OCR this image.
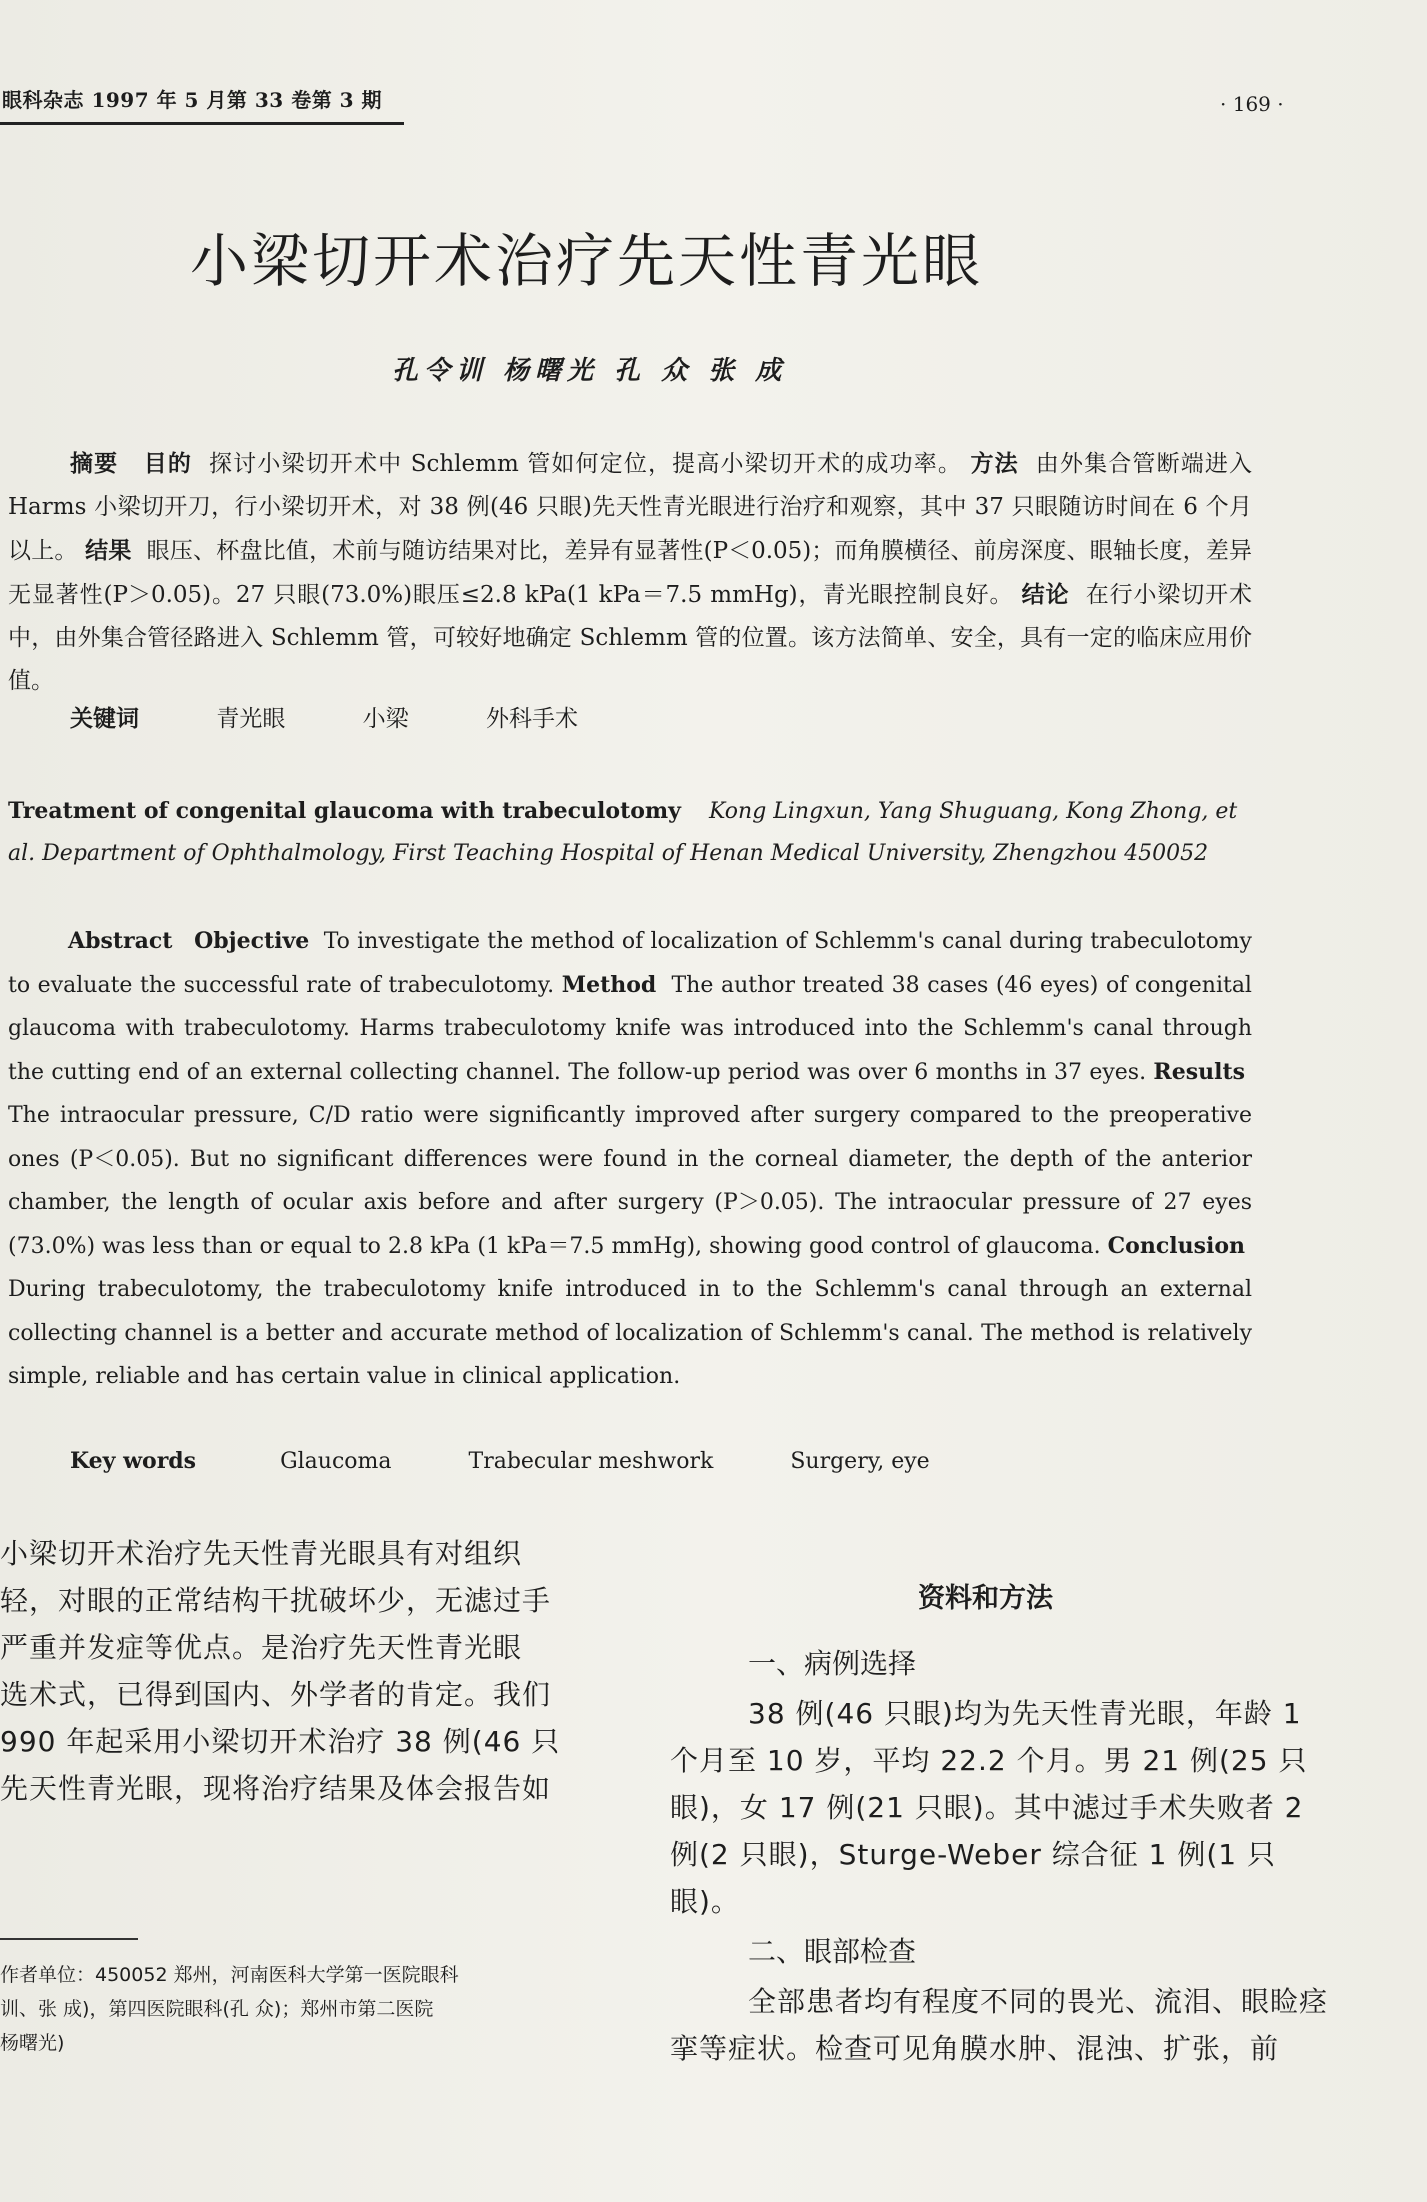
眼科杂志 1997 年 5 月第 33 卷第 3 期	· 169 ·
小梁切开术治疗先天性青光眼
孔令训 杨曙光 孔 众 张 成
摘要 目的 探讨小梁切开术中 Schlemm 管如何定位，提高小梁切开术的成功率。 方法 由外集合管断端进入 Harms 小梁切开刀，行小梁切开术，对 38 例(46 只眼)先天性青光眼进行治疗和观察，其中 37 只眼随访时间在 6 个月以上。 结果 眼压、杯盘比值，术前与随访结果对比，差异有显著性(P＜0.05)；而角膜横径、前房深度、眼轴长度，差异无显著性(P＞0.05)。27 只眼(73.0%)眼压≤2.8 kPa(1 kPa＝7.5 mmHg)，青光眼控制良好。 结论 在行小梁切开术中，由外集合管径路进入 Schlemm 管，可较好地确定 Schlemm 管的位置。该方法简单、安全，具有一定的临床应用价值。
关键词	青光眼	小梁	外科手术
Treatment of congenital glaucoma with trabeculotomy Kong Lingxun, Yang Shuguang, Kong Zhong, et al. Department of Ophthalmology, First Teaching Hospital of Henan Medical University, Zhengzhou 450052
Abstract Objective To investigate the method of localization of Schlemm's canal during trabeculotomy to evaluate the successful rate of trabeculotomy. Method The author treated 38 cases (46 eyes) of congenital glaucoma with trabeculotomy. Harms trabeculotomy knife was introduced into the Schlemm's canal through the cutting end of an external collecting channel. The follow-up period was over 6 months in 37 eyes. Results  The intraocular pressure, C/D ratio were significantly improved after surgery compared to the preoperative ones (P＜0.05). But no significant differences were found in the corneal diameter, the depth of the anterior chamber, the length of ocular axis before and after surgery (P＞0.05). The intraocular pressure of 27 eyes (73.0%) was less than or equal to 2.8 kPa (1 kPa＝7.5 mmHg), showing good control of glaucoma. Conclusion  During trabeculotomy, the trabeculotomy knife introduced in to the Schlemm's canal through an external collecting channel is a better and accurate method of localization of Schlemm's canal. The method is relatively simple, reliable and has certain value in clinical application.
Key words	Glaucoma	Trabecular meshwork	Surgery, eye

小梁切开术治疗先天性青光眼具有对组织

轻，对眼的正常结构干扰破坏少，无滤过手

严重并发症等优点。是治疗先天性青光眼

选术式，已得到国内、外学者的肯定。我们

990 年起采用小梁切开术治疗 38 例(46 只

先天性青光眼，现将治疗结果及体会报告如

作者单位：450052 郑州，河南医科大学第一医院眼科

训、张 成)，第四医院眼科(孔 众)；郑州市第二医院

杨曙光)

资料和方法
一、病例选择
38 例(46 只眼)均为先天性青光眼，年龄 1 个月至 10 岁，平均 22.2 个月。男 21 例(25 只眼)，女 17 例(21 只眼)。其中滤过手术失败者 2 例(2 只眼)，Sturge-Weber 综合征 1 例(1 只眼)。
二、眼部检查
全部患者均有程度不同的畏光、流泪、眼睑痉挛等症状。检查可见角膜水肿、混浊、扩张，前
